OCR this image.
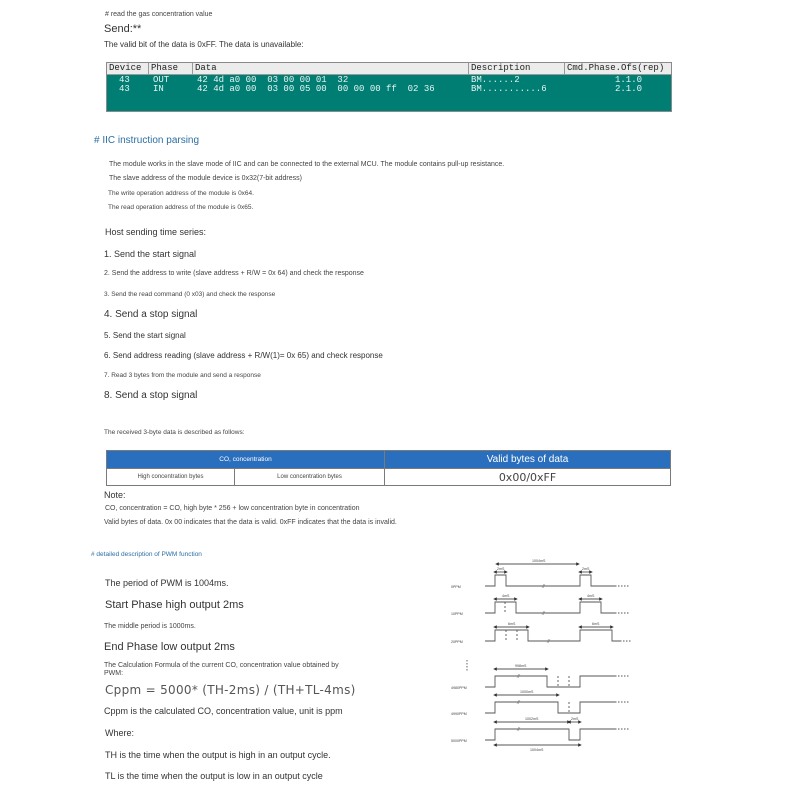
# read the gas concentration value
Send:**
The valid bit of the data is 0xFF. The data is unavailable:
Device	Phase	Data	Description	Cmd.Phase.Ofs(rep)
43	OUT	42 4d a0 00  03 00 00 01  32	BM......2	1.1.0
43	IN	42 4d a0 00  03 00 05 00  00 00 00 ff  02 36	BM...........6	2.1.0
# IIC instruction parsing
The module works in the slave mode of IIC and can be connected to the external MCU. The module contains pull-up resistance.
The slave address of the module device is 0x32(7-bit address)
The write operation address of the module is 0x64.
The read operation address of the module is 0x65.
Host sending time series:
1. Send the start signal
2. Send the address to write (slave address + R/W = 0x 64) and check the response
3. Send the read command (0 x03) and check the response
4. Send a stop signal
5. Send the start signal
6. Send address reading (slave address + R/W(1)= 0x 65) and check response
7. Read 3 bytes from the module and send a response
8. Send a stop signal
The received 3-byte data is described as follows:
CO, concentration		Valid bytes of data
High concentration bytes	Low concentration bytes	0x00/0xFF
Note:
CO, concentration = CO, high byte * 256 + low concentration byte in concentration
Valid bytes of data. 0x 00 indicates that the data is valid. 0xFF indicates that the data is invalid.
# detailed description of PWM function
The period of PWM is 1004ms.
Start Phase high output 2ms
The middle period is 1000ms.
End Phase low output 2ms
The Calculation Formula of the current CO, concentration value obtained by
PWM:
Cppm = 5000* (TH-2ms) / (TH+TL-4ms)
Cppm is the calculated CO, concentration value, unit is ppm
Where:
TH is the time when the output is high in an output cycle.
TL is the time when the output is low in an output cycle
1004mS
0PPM
2mS	2mS
10PPM
4mS	4mS
20PPM
6mS	6mS
4980PPM
998mS
4990PPM
1000mS
5000PPM
1002mS	2mS
1004mS
//
//
//
//
//
//
